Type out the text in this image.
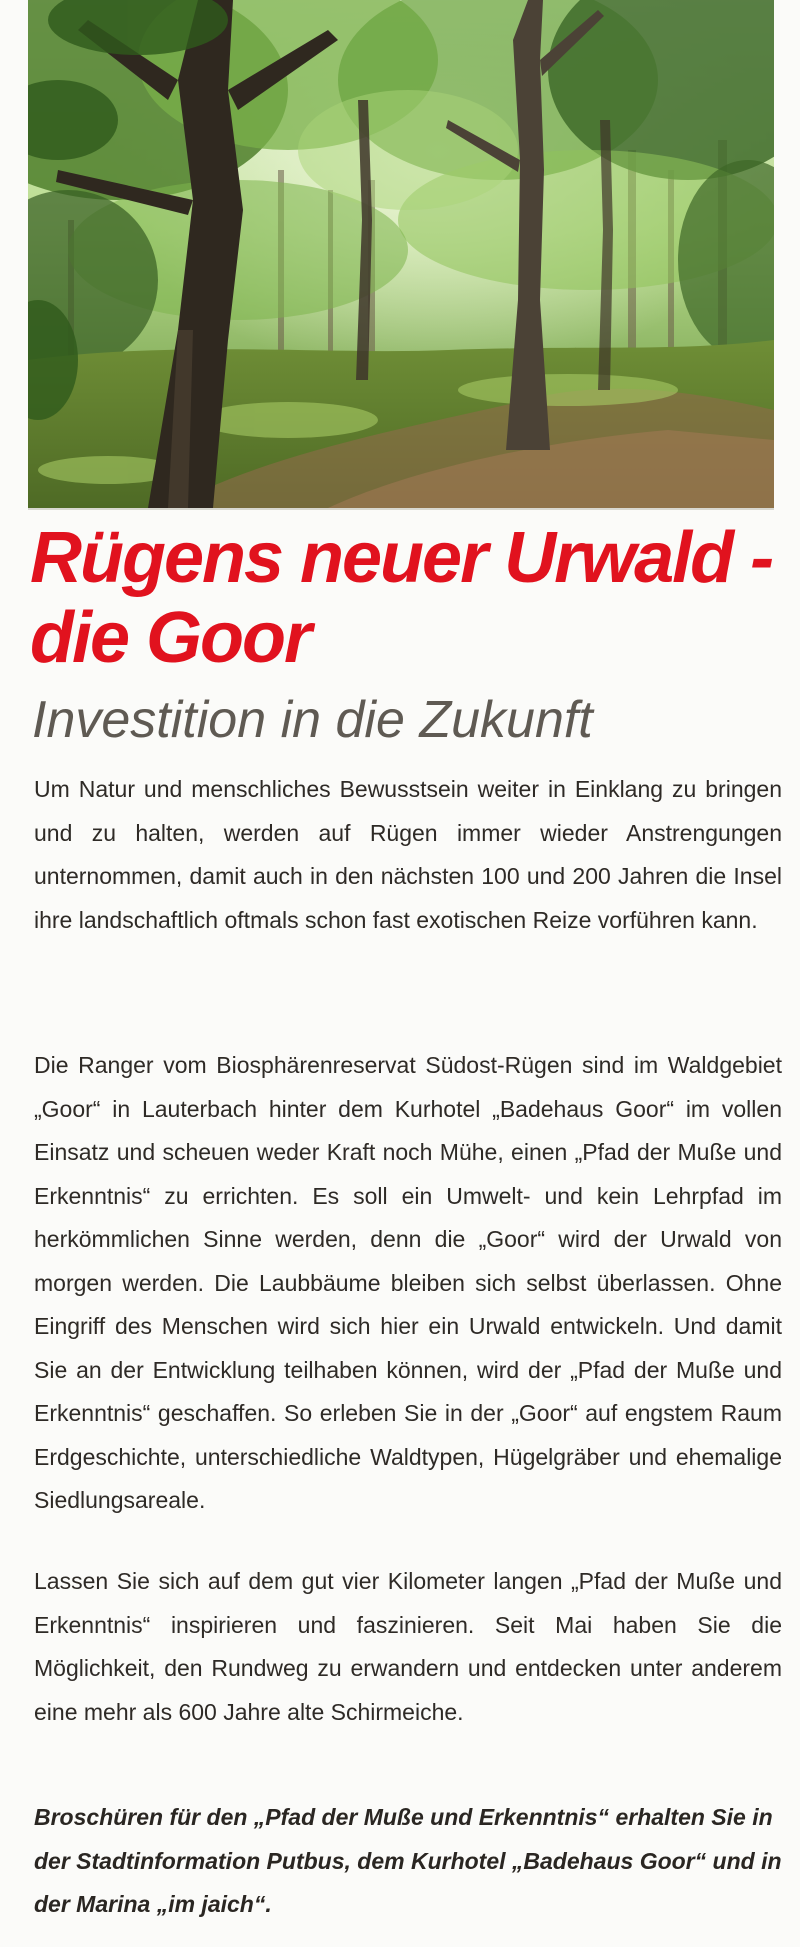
Rügens neuer Urwald -
die Goor
Investition in die Zukunft

Um Natur und menschliches Bewusstsein weiter in Einklang zu bringen und zu halten, werden auf Rügen immer wieder Anstrengungen unternommen, damit auch in den nächsten 100 und 200 Jahren die Insel ihre landschaftlich oftmals schon fast exotischen Reize vorführen kann.

Die Ranger vom Biosphärenreservat Südost-Rügen sind im Waldgebiet „Goor“ in Lauterbach hinter dem Kurhotel „Badehaus Goor“ im vollen Einsatz und scheuen weder Kraft noch Mühe, einen „Pfad der Muße und Erkenntnis“ zu errichten. Es soll ein Umwelt- und kein Lehrpfad im herkömmlichen Sinne werden, denn die „Goor“ wird der Urwald von morgen werden. Die Laubbäume bleiben sich selbst überlassen. Ohne Eingriff des Menschen wird sich hier ein Urwald entwickeln. Und damit Sie an der Entwicklung teilhaben können, wird der „Pfad der Muße und Erkenntnis“ geschaffen. So erleben Sie in der „Goor“ auf engstem Raum Erdgeschichte, unterschiedliche Waldtypen, Hügelgräber und ehemalige Siedlungsareale.

Lassen Sie sich auf dem gut vier Kilometer langen „Pfad der Muße und Erkenntnis“ inspirieren und faszinieren. Seit Mai haben Sie die Möglichkeit, den Rundweg zu erwandern und entdecken unter anderem eine mehr als 600 Jahre alte Schirmeiche.

Broschüren für den „Pfad der Muße und Erkenntnis“ erhalten Sie in der Stadtinformation Putbus, dem Kurhotel „Badehaus Goor“ und in der Marina „im jaich“.
